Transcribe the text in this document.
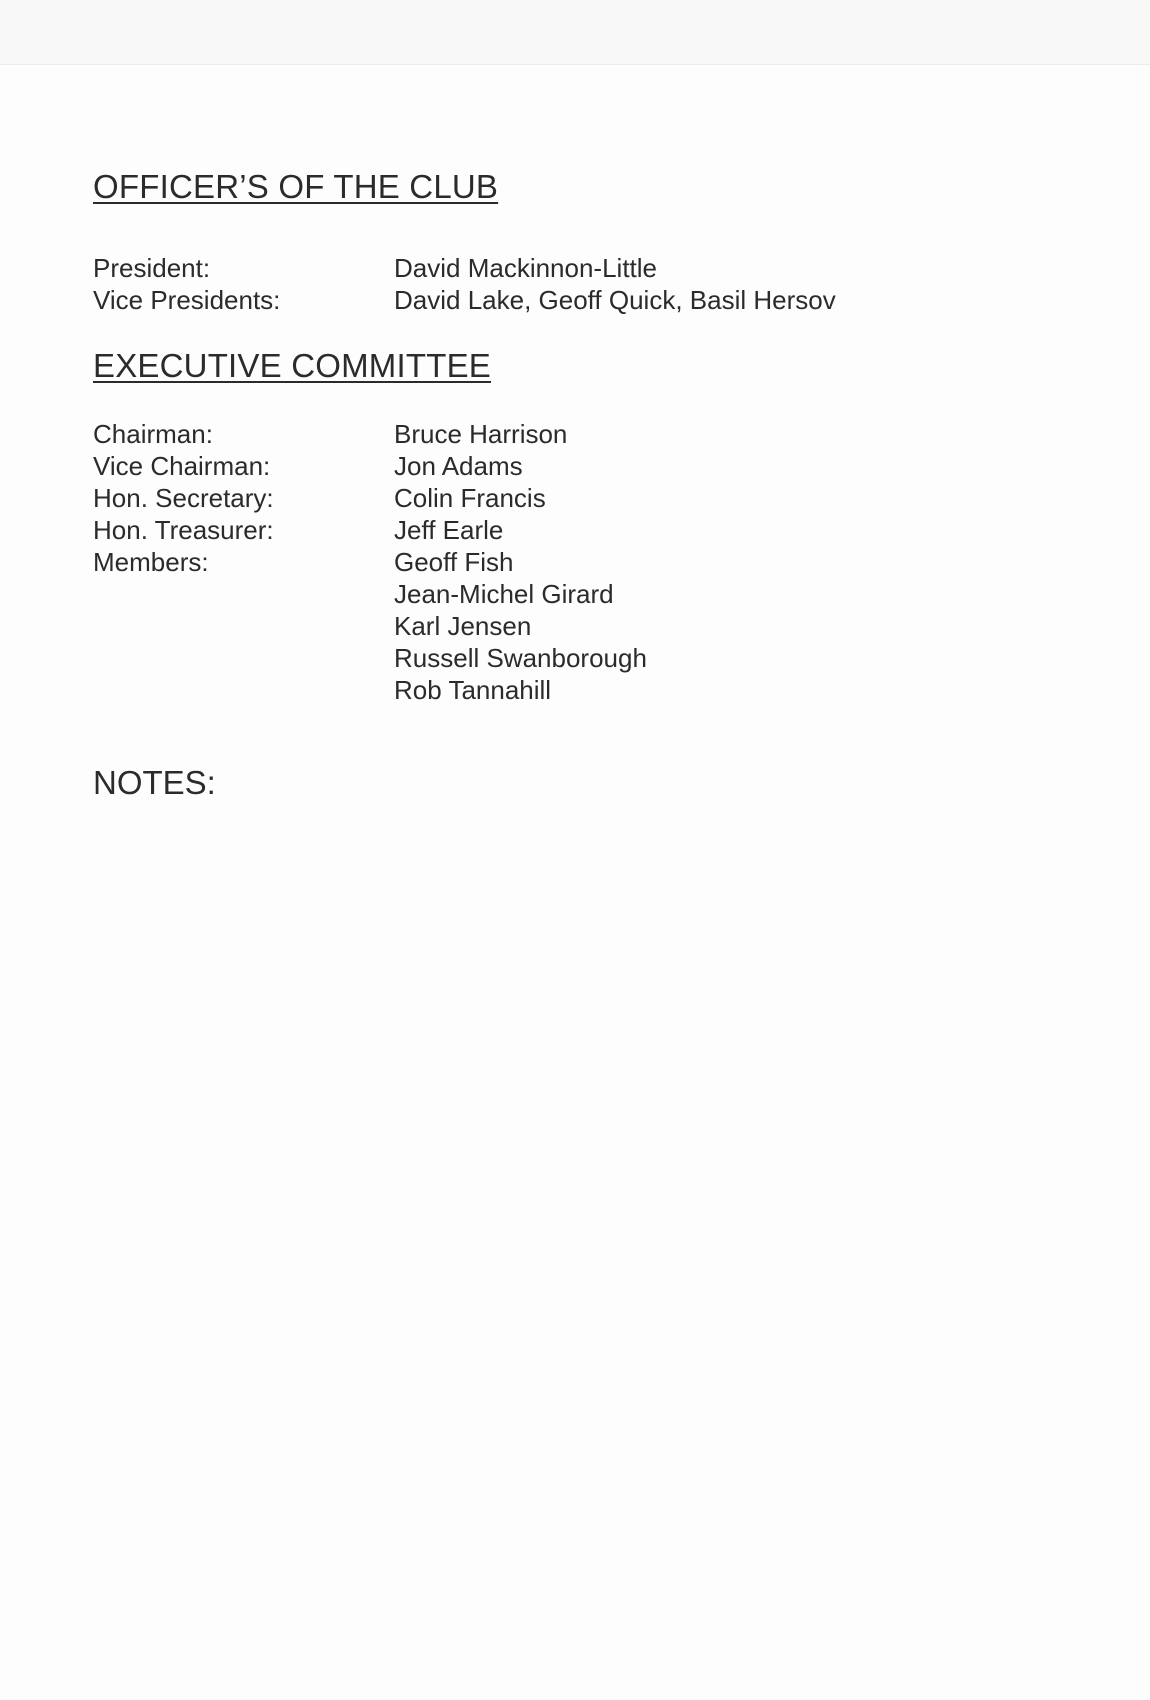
OFFICER’S OF THE CLUB
President:	David Mackinnon-Little
Vice Presidents:	David Lake, Geoff Quick, Basil Hersov
EXECUTIVE COMMITTEE
Chairman:	Bruce Harrison
Vice Chairman:	Jon Adams
Hon. Secretary:	Colin Francis
Hon. Treasurer:	Jeff Earle
Members:	Geoff Fish
Jean-Michel Girard
Karl Jensen
Russell Swanborough
Rob Tannahill
NOTES:
